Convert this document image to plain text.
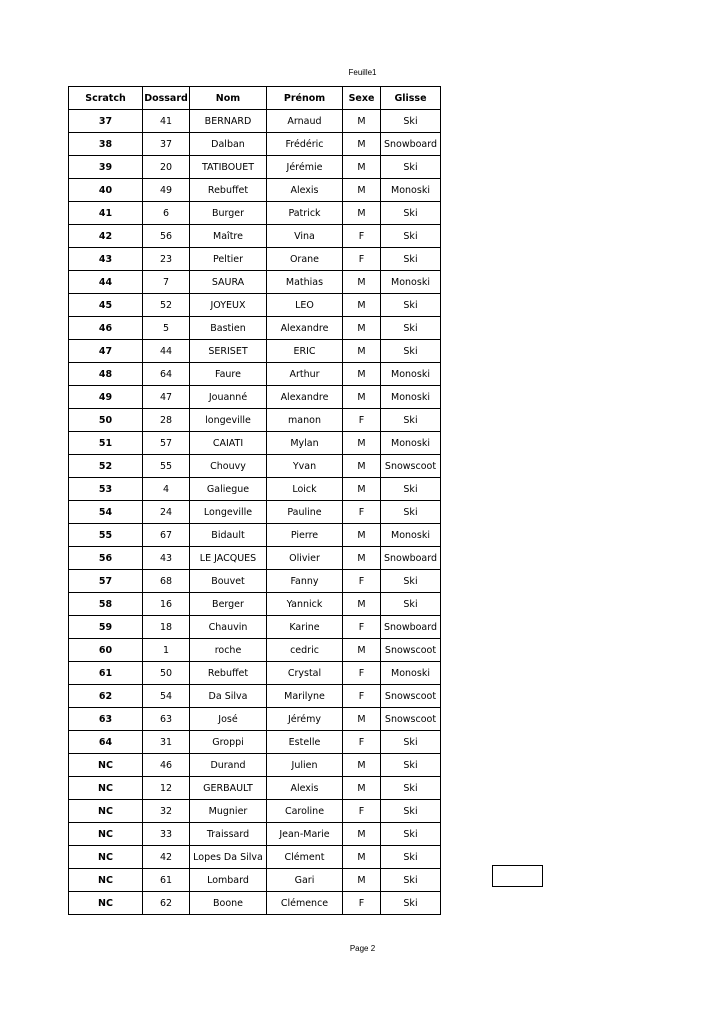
Feuille1
Scratch	Dossard	Nom	Prénom	Sexe	Glisse
37	41	BERNARD	Arnaud	M	Ski
38	37	Dalban	Frédéric	M	Snowboard
39	20	TATIBOUET	Jérémie	M	Ski
40	49	Rebuffet	Alexis	M	Monoski
41	6	Burger	Patrick	M	Ski
42	56	Maître	Vina	F	Ski
43	23	Peltier	Orane	F	Ski
44	7	SAURA	Mathias	M	Monoski
45	52	JOYEUX	LEO	M	Ski
46	5	Bastien	Alexandre	M	Ski
47	44	SERISET	ERIC	M	Ski
48	64	Faure	Arthur	M	Monoski
49	47	Jouanné	Alexandre	M	Monoski
50	28	longeville	manon	F	Ski
51	57	CAIATI	Mylan	M	Monoski
52	55	Chouvy	Yvan	M	Snowscoot
53	4	Galiegue	Loick	M	Ski
54	24	Longeville	Pauline	F	Ski
55	67	Bidault	Pierre	M	Monoski
56	43	LE JACQUES	Olivier	M	Snowboard
57	68	Bouvet	Fanny	F	Ski
58	16	Berger	Yannick	M	Ski
59	18	Chauvin	Karine	F	Snowboard
60	1	roche	cedric	M	Snowscoot
61	50	Rebuffet	Crystal	F	Monoski
62	54	Da Silva	Marilyne	F	Snowscoot
63	63	José	Jérémy	M	Snowscoot
64	31	Groppi	Estelle	F	Ski
NC	46	Durand	Julien	M	Ski
NC	12	GERBAULT	Alexis	M	Ski
NC	32	Mugnier	Caroline	F	Ski
NC	33	Traissard	Jean-Marie	M	Ski
NC	42	Lopes Da Silva	Clément	M	Ski
NC	61	Lombard	Gari	M	Ski
NC	62	Boone	Clémence	F	Ski
Page 2
